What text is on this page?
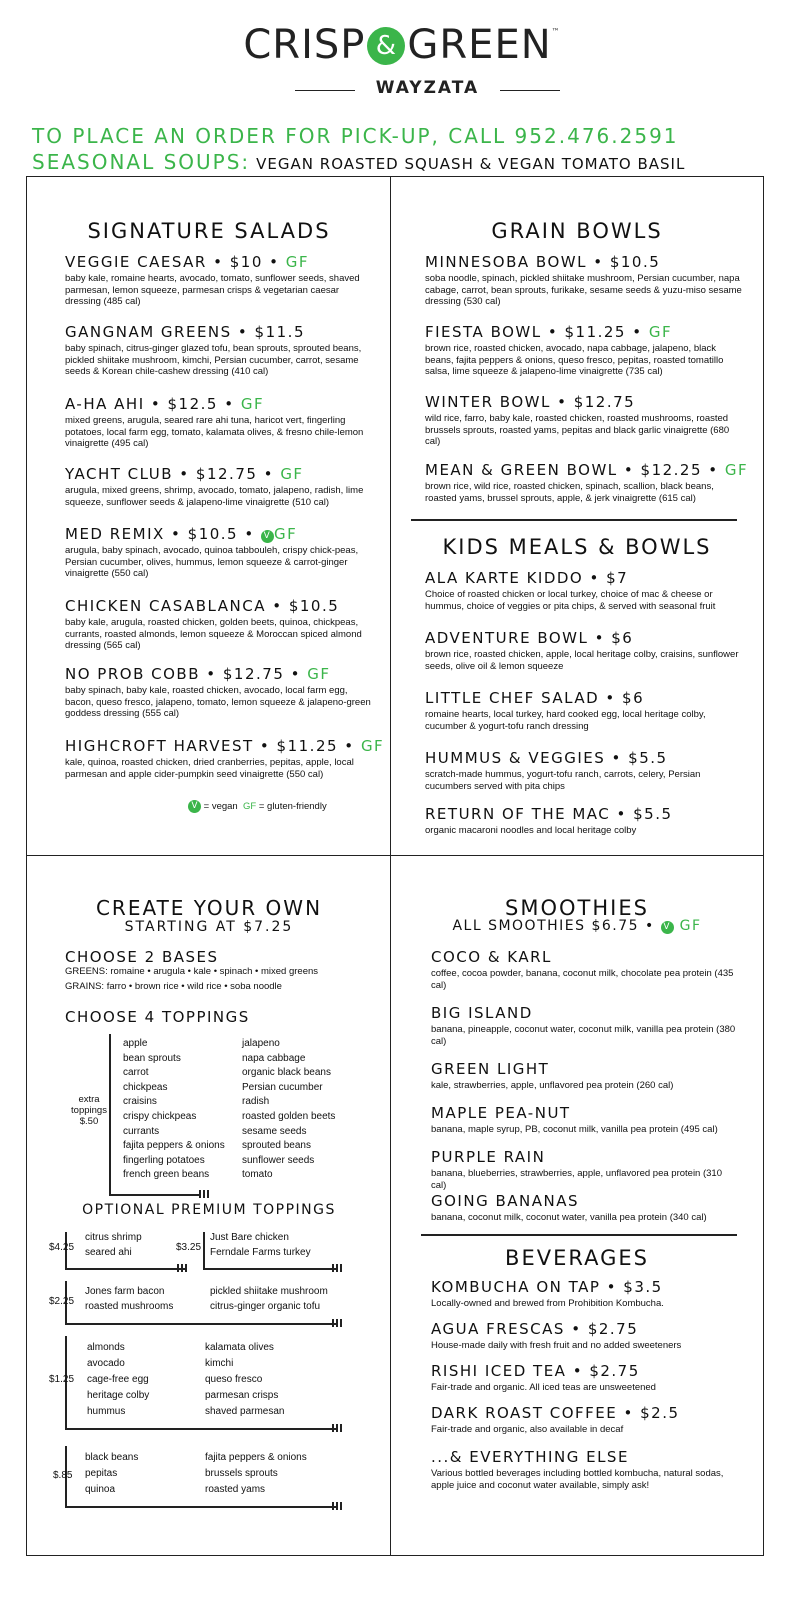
CRISP & GREEN™
WAYZATA
TO PLACE AN ORDER FOR PICK-UP, CALL 952.476.2591
SEASONAL SOUPS: VEGAN ROASTED SQUASH & VEGAN TOMATO BASIL
SIGNATURE SALADS
VEGGIE CAESAR • $10 • GF
baby kale, romaine hearts, avocado, tomato, sunflower seeds, shaved parmesan, lemon squeeze, parmesan crisps & vegetarian caesar dressing (485 cal)
GANGNAM GREENS • $11.5
baby spinach, citrus-ginger glazed tofu, bean sprouts, sprouted beans, pickled shiitake mushroom, kimchi, Persian cucumber, carrot, sesame seeds & Korean chile-cashew dressing (410 cal)
A-HA AHI • $12.5 • GF
mixed greens, arugula, seared rare ahi tuna, haricot vert, fingerling potatoes, local farm egg, tomato, kalamata olives, & fresno chile-lemon vinaigrette (495 cal)
YACHT CLUB • $12.75 • GF
arugula, mixed greens, shrimp, avocado, tomato, jalapeno, radish, lime squeeze, sunflower seeds & jalapeno-lime vinaigrette (510 cal)
MED REMIX • $10.5 • V GF
arugula, baby spinach, avocado, quinoa tabbouleh, crispy chick-peas, Persian cucumber, olives, hummus, lemon squeeze & carrot-ginger vinaigrette (550 cal)
CHICKEN CASABLANCA • $10.5
baby kale, arugula, roasted chicken, golden beets, quinoa, chickpeas, currants, roasted almonds, lemon squeeze & Moroccan spiced almond dressing (565 cal)
NO PROB COBB • $12.75 • GF
baby spinach, baby kale, roasted chicken, avocado, local farm egg, bacon, queso fresco, jalapeno, tomato, lemon squeeze & jalapeno-green goddess dressing (555 cal)
HIGHCROFT HARVEST • $11.25 • GF
kale, quinoa, roasted chicken, dried cranberries, pepitas, apple, local parmesan and apple cider-pumpkin seed vinaigrette (550 cal)
V = vegan GF = gluten-friendly
GRAIN BOWLS
MINNESOBA BOWL • $10.5
soba noodle, spinach, pickled shiitake mushroom, Persian cucumber, napa cabage, carrot, bean sprouts, furikake, sesame seeds & yuzu-miso sesame dressing (530 cal)
FIESTA BOWL • $11.25 • GF
brown rice, roasted chicken, avocado, napa cabbage, jalapeno, black beans, fajita peppers & onions, queso fresco, pepitas, roasted tomatillo salsa, lime squeeze & jalapeno-lime vinaigrette (735 cal)
WINTER BOWL • $12.75
wild rice, farro, baby kale, roasted chicken, roasted mushrooms, roasted brussels sprouts, roasted yams, pepitas and black garlic vinaigrette (680 cal)
MEAN & GREEN BOWL • $12.25 • GF
brown rice, wild rice, roasted chicken, spinach, scallion, black beans, roasted yams, brussel sprouts, apple, & jerk vinaigrette (615 cal)
KIDS MEALS & BOWLS
ALA KARTE KIDDO • $7
Choice of roasted chicken or local turkey, choice of mac & cheese or hummus, choice of veggies or pita chips, & served with seasonal fruit
ADVENTURE BOWL • $6
brown rice, roasted chicken, apple, local heritage colby, craisins, sunflower seeds, olive oil & lemon squeeze
LITTLE CHEF SALAD • $6
romaine hearts, local turkey, hard cooked egg, local heritage colby, cucumber & yogurt-tofu ranch dressing
HUMMUS & VEGGIES • $5.5
scratch-made hummus, yogurt-tofu ranch, carrots, celery, Persian cucumbers served with pita chips
RETURN OF THE MAC • $5.5
organic macaroni noodles and local heritage colby
CREATE YOUR OWN
STARTING AT $7.25
CHOOSE 2 BASES
GREENS: romaine • arugula • kale • spinach • mixed greens
GRAINS: farro • brown rice • wild rice • soba noodle
CHOOSE 4 TOPPINGS
extra
toppings
$.50
apple
bean sprouts
carrot
chickpeas
craisins
crispy chickpeas
currants
fajita peppers & onions
fingerling potatoes
french green beans
jalapeno
napa cabbage
organic black beans
Persian cucumber
radish
roasted golden beets
sesame seeds
sprouted beans
sunflower seeds
tomato
OPTIONAL PREMIUM TOPPINGS
$4.25
citrus shrimp
seared ahi	$3.25
Just Bare chicken
Ferndale Farms turkey
$2.25
Jones farm bacon
roasted mushrooms
pickled shiitake mushroom
citrus-ginger organic tofu
$1.25
almonds
avocado
cage-free egg
heritage colby
hummus
kalamata olives
kimchi
queso fresco
parmesan crisps
shaved parmesan
$.85
black beans
pepitas
quinoa
fajita peppers & onions
brussels sprouts
roasted yams
SMOOTHIES
ALL SMOOTHIES $6.75 • V GF
COCO & KARL
coffee, cocoa powder, banana, coconut milk, chocolate pea protein (435 cal)
BIG ISLAND
banana, pineapple, coconut water, coconut milk, vanilla pea protein (380 cal)
GREEN LIGHT
kale, strawberries, apple, unflavored pea protein (260 cal)
MAPLE PEA-NUT
banana, maple syrup, PB, coconut milk, vanilla pea protein (495 cal)
PURPLE RAIN
banana, blueberries, strawberries, apple, unflavored pea protein (310 cal)
GOING BANANAS
banana, coconut milk, coconut water, vanilla pea protein (340 cal)
BEVERAGES
KOMBUCHA ON TAP • $3.5
Locally-owned and brewed from Prohibition Kombucha.
AGUA FRESCAS • $2.75
House-made daily with fresh fruit and no added sweeteners
RISHI ICED TEA • $2.75
Fair-trade and organic. All iced teas are unsweetened
DARK ROAST COFFEE • $2.5
Fair-trade and organic, also available in decaf
...& EVERYTHING ELSE
Various bottled beverages including bottled kombucha, natural sodas, apple juice and coconut water available, simply ask!
